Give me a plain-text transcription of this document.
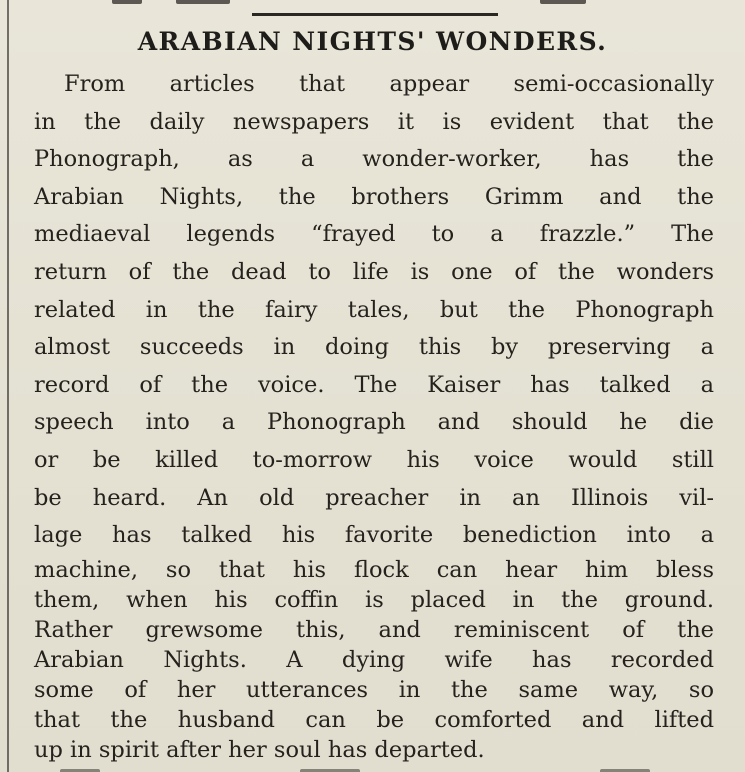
ARABIAN NIGHTS' WONDERS.
From articles that appear semi-occasionally
in the daily newspapers it is evident that the
Phonograph, as a wonder-worker, has the
Arabian Nights, the brothers Grimm and the
mediaeval legends “frayed to a frazzle.” The
return of the dead to life is one of the wonders
related in the fairy tales, but the Phonograph
almost succeeds in doing this by preserving a
record of the voice. The Kaiser has talked a
speech into a Phonograph and should he die
or be killed to-morrow his voice would still
be heard. An old preacher in an Illinois vil-
lage has talked his favorite benediction into a
machine, so that his flock can hear him bless
them, when his coffin is placed in the ground.
Rather grewsome this, and reminiscent of the
Arabian Nights. A dying wife has recorded
some of her utterances in the same way, so
that the husband can be comforted and lifted
up in spirit after her soul has departed.
